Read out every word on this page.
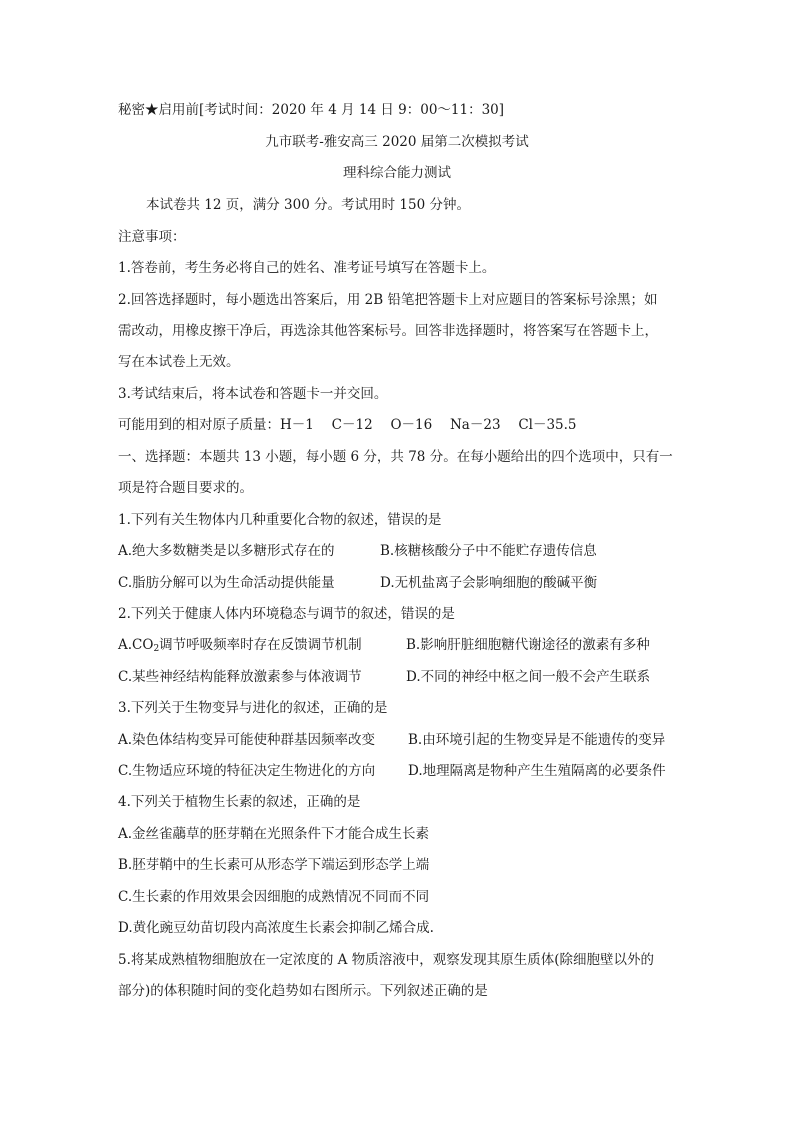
秘密★启用前[考试时间：2020 年 4 月 14 日 9：00～11：30]
九市联考-雅安高三 2020 届第二次模拟考试
理科综合能力测试
本试卷共 12 页，满分 300 分。考试用时 150 分钟。
注意事项：
1.答卷前，考生务必将自己的姓名、准考证号填写在答题卡上。
2.回答选择题时，每小题选出答案后，用 2B 铅笔把答题卡上对应题目的答案标号涂黑；如
需改动，用橡皮擦干净后，再选涂其他答案标号。回答非选择题时，将答案写在答题卡上，
写在本试卷上无效。
3.考试结束后，将本试卷和答题卡一并交回。
可能用到的相对原子质量：H－1　 C－12　 O－16　 Na－23　 Cl－35.5
一、选择题：本题共 13 小题，每小题 6 分，共 78 分。在每小题给出的四个选项中，只有一
项是符合题目要求的。
1.下列有关生物体内几种重要化合物的叙述，错误的是
A.绝大多数糖类是以多糖形式存在的	B.核糖核酸分子中不能贮存遗传信息
C.脂肪分解可以为生命活动提供能量	D.无机盐离子会影响细胞的酸碱平衡
2.下列关于健康人体内环境稳态与调节的叙述，错误的是
$A.CO_2$调节呼吸频率时存在反馈调节机制	B.影响肝脏细胞糖代谢途径的激素有多种
C.某些神经结构能释放激素参与体液调节	D.不同的神经中枢之间一般不会产生联系
3.下列关于生物变异与进化的叙述，正确的是
A.染色体结构变异可能使种群基因频率改变 B.由环境引起的生物变异是不能遗传的变异
C.生物适应环境的特征决定生物进化的方向 D.地理隔离是物种产生生殖隔离的必要条件
4.下列关于植物生长素的叙述，正确的是
A.金丝雀虉草的胚芽鞘在光照条件下才能合成生长素
B.胚芽鞘中的生长素可从形态学下端运到形态学上端
C.生长素的作用效果会因细胞的成熟情况不同而不同
D.黄化豌豆幼苗切段内高浓度生长素会抑制乙烯合成.
5.将某成熟植物细胞放在一定浓度的 A 物质溶液中，观察发现其原生质体(除细胞壁以外的
部分)的体积随时间的变化趋势如右图所示。下列叙述正确的是
